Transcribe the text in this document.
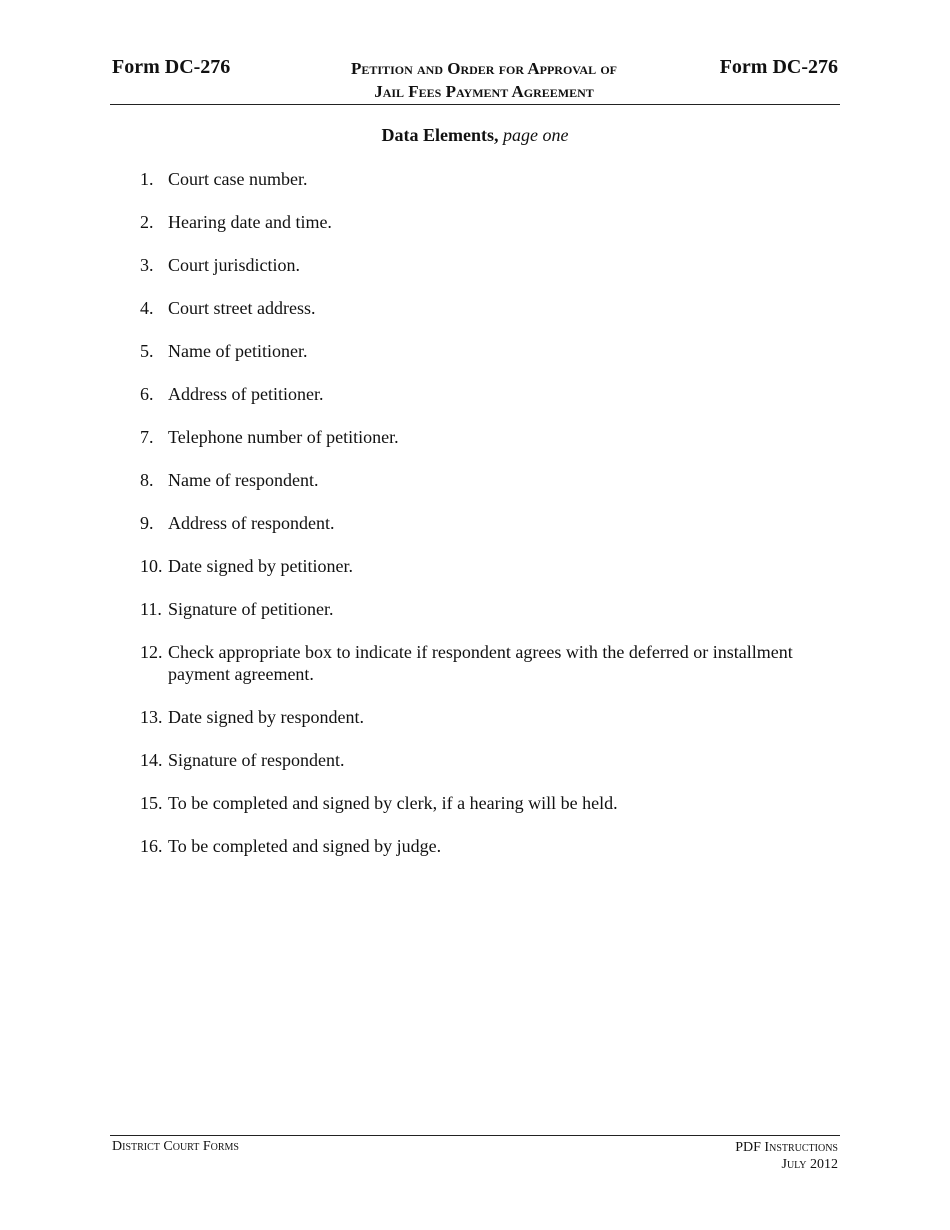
Form DC-276	Petition and Order for Approval of
Jail Fees Payment Agreement
Form DC-276
Data Elements, page one
1. Court case number.
2. Hearing date and time.
3. Court jurisdiction.
4. Court street address.
5. Name of petitioner.
6. Address of petitioner.
7. Telephone number of petitioner.
8. Name of respondent.
9. Address of respondent.
10. Date signed by petitioner.
11. Signature of petitioner.
12. Check appropriate box to indicate if respondent agrees with the deferred or installment payment agreement.
13. Date signed by respondent.
14. Signature of respondent.
15. To be completed and signed by clerk, if a hearing will be held.
16. To be completed and signed by judge.
District Court Forms	PDF Instructions
July 2012
